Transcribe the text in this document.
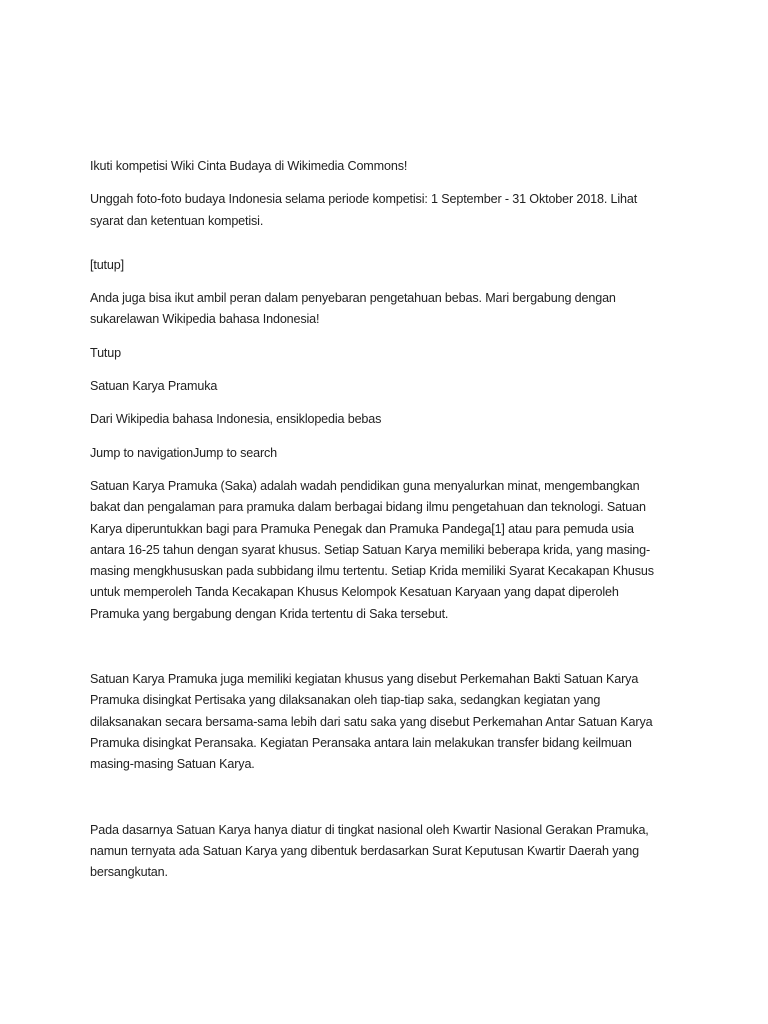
Ikuti kompetisi Wiki Cinta Budaya di Wikimedia Commons!

Unggah foto-foto budaya Indonesia selama periode kompetisi: 1 September - 31 Oktober 2018. Lihat syarat dan ketentuan kompetisi.

[tutup]

Anda juga bisa ikut ambil peran dalam penyebaran pengetahuan bebas. Mari bergabung dengan sukarelawan Wikipedia bahasa Indonesia!

Tutup

Satuan Karya Pramuka

Dari Wikipedia bahasa Indonesia, ensiklopedia bebas

Jump to navigationJump to search

Satuan Karya Pramuka (Saka) adalah wadah pendidikan guna menyalurkan minat, mengembangkan bakat dan pengalaman para pramuka dalam berbagai bidang ilmu pengetahuan dan teknologi. Satuan Karya diperuntukkan bagi para Pramuka Penegak dan Pramuka Pandega[1] atau para pemuda usia antara 16-25 tahun dengan syarat khusus. Setiap Satuan Karya memiliki beberapa krida, yang masing-masing mengkhususkan pada subbidang ilmu tertentu. Setiap Krida memiliki Syarat Kecakapan Khusus untuk memperoleh Tanda Kecakapan Khusus Kelompok Kesatuan Karyaan yang dapat diperoleh Pramuka yang bergabung dengan Krida tertentu di Saka tersebut.

Satuan Karya Pramuka juga memiliki kegiatan khusus yang disebut Perkemahan Bakti Satuan Karya Pramuka disingkat Pertisaka yang dilaksanakan oleh tiap-tiap saka, sedangkan kegiatan yang dilaksanakan secara bersama-sama lebih dari satu saka yang disebut Perkemahan Antar Satuan Karya Pramuka disingkat Peransaka. Kegiatan Peransaka antara lain melakukan transfer bidang keilmuan masing-masing Satuan Karya.

Pada dasarnya Satuan Karya hanya diatur di tingkat nasional oleh Kwartir Nasional Gerakan Pramuka, namun ternyata ada Satuan Karya yang dibentuk berdasarkan Surat Keputusan Kwartir Daerah yang bersangkutan.
